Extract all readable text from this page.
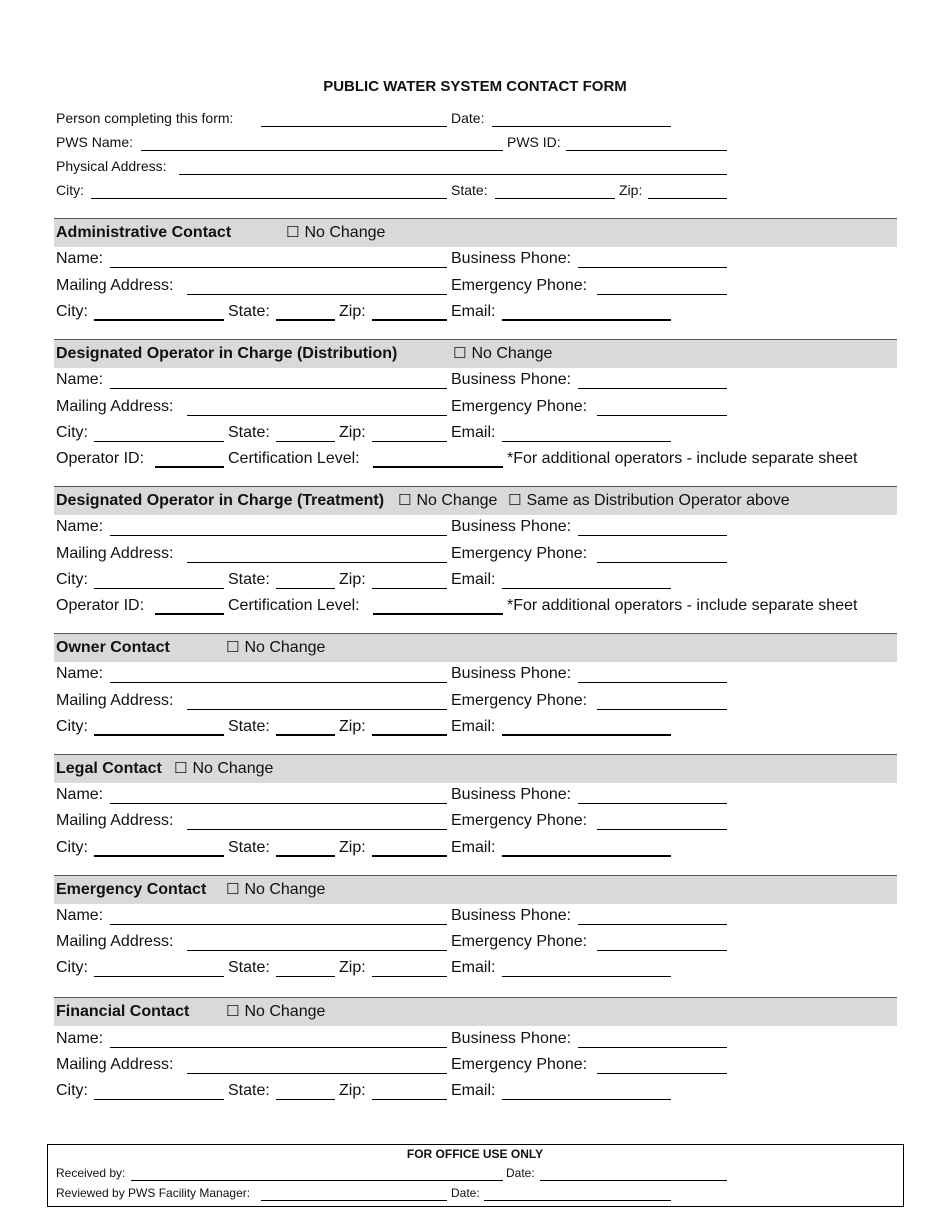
PUBLIC WATER SYSTEM CONTACT FORM
Person completing this form:	Date:
PWS Name:	PWS ID:
Physical Address:
City:	State:	Zip:
Administrative Contact	☐ No Change
Name:	Business Phone:
Mailing Address:	Emergency Phone:
City:	State:	Zip:	Email:
Designated Operator in Charge (Distribution)	☐ No Change
Name:	Business Phone:
Mailing Address:	Emergency Phone:
City:	State:	Zip:	Email:
Operator ID:	Certification Level:	*For additional operators - include separate sheet
Designated Operator in Charge (Treatment) ☐ No Change ☐ Same as Distribution Operator above
Name:	Business Phone:
Mailing Address:	Emergency Phone:
City:	State:	Zip:	Email:
Operator ID:	Certification Level:	*For additional operators - include separate sheet
Owner Contact	☐ No Change
Name:	Business Phone:
Mailing Address:	Emergency Phone:
City:	State:	Zip:	Email:
Legal Contact ☐ No Change
Name:	Business Phone:
Mailing Address:	Emergency Phone:
City:	State:	Zip:	Email:
Emergency Contact ☐ No Change
Name:	Business Phone:
Mailing Address:	Emergency Phone:
City:	State:	Zip:	Email:
Financial Contact ☐ No Change
Name:	Business Phone:
Mailing Address:	Emergency Phone:
City:	State:	Zip:	Email:
FOR OFFICE USE ONLY
Received by:	Date:
Reviewed by PWS Facility Manager:	Date:
